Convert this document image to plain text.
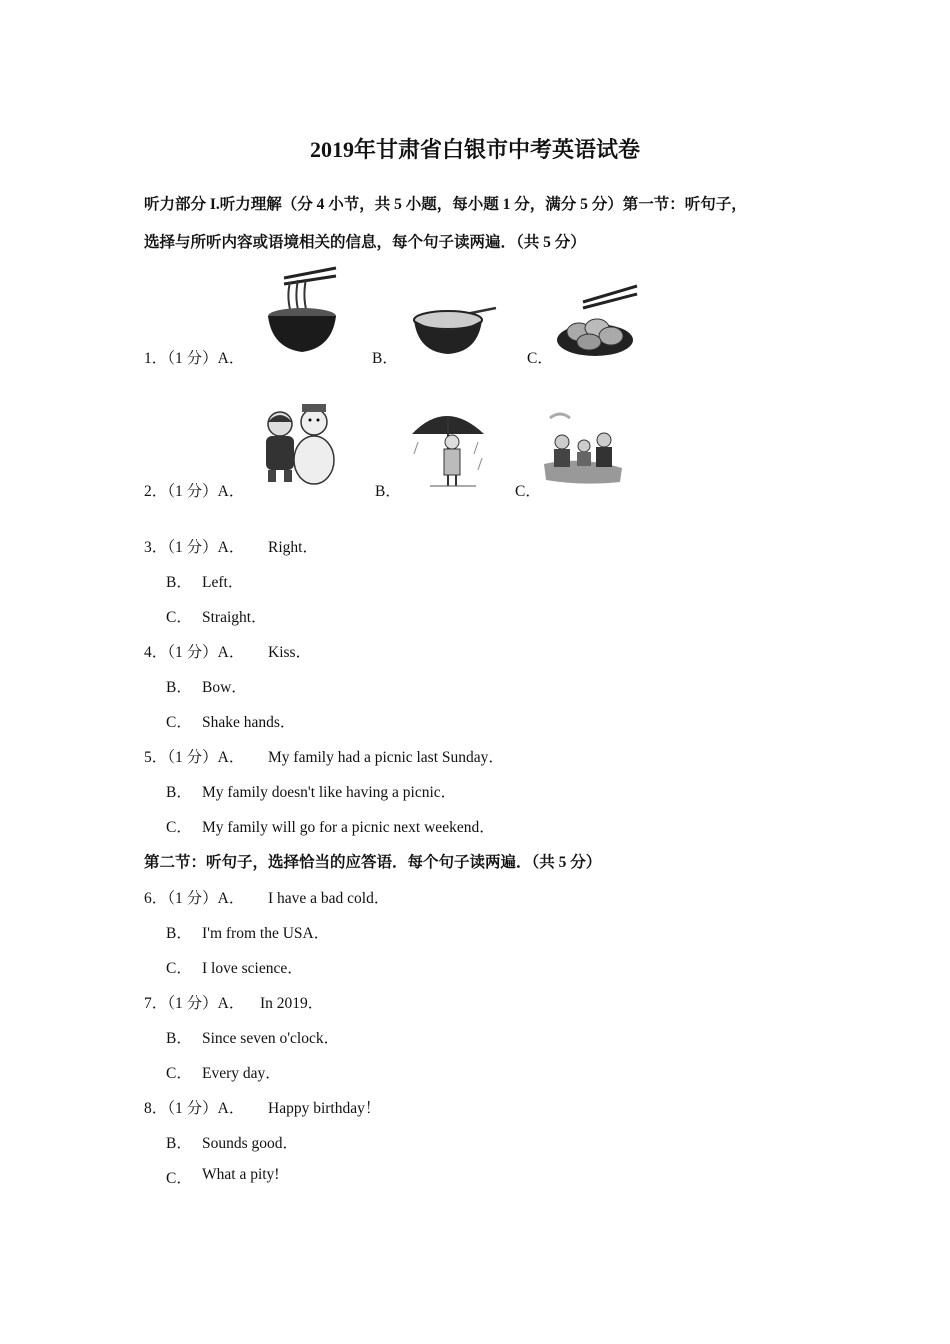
2019年甘肃省白银市中考英语试卷
听力部分 I.听力理解（分 4 小节，共 5 小题，每小题 1 分，满分 5 分）第一节：听句子，
选择与所听内容或语境相关的信息，每个句子读两遍．（共 5 分）
1．（1 分）A．	B．	C．
2．（1 分）A．	B．	C．
3．（1 分）A． Right．
B． Left．
C． Straight．
4．（1 分）A． Kiss．
B． Bow．
C． Shake hands．
5．（1 分）A． My family had a picnic last Sunday．
B． My family doesn't like having a picnic．
C． My family will go for a picnic next weekend．
第二节：听句子，选择恰当的应答语．每个句子读两遍．（共 5 分）
6．（1 分）A． I have a bad cold．
B． I'm from the USA．
C． I love science．
7．（1 分）A． In 2019．
B． Since seven o'clock．
C． Every day．
8．（1 分）A． Happy birthday！
B． Sounds good．
C． What a pity!
